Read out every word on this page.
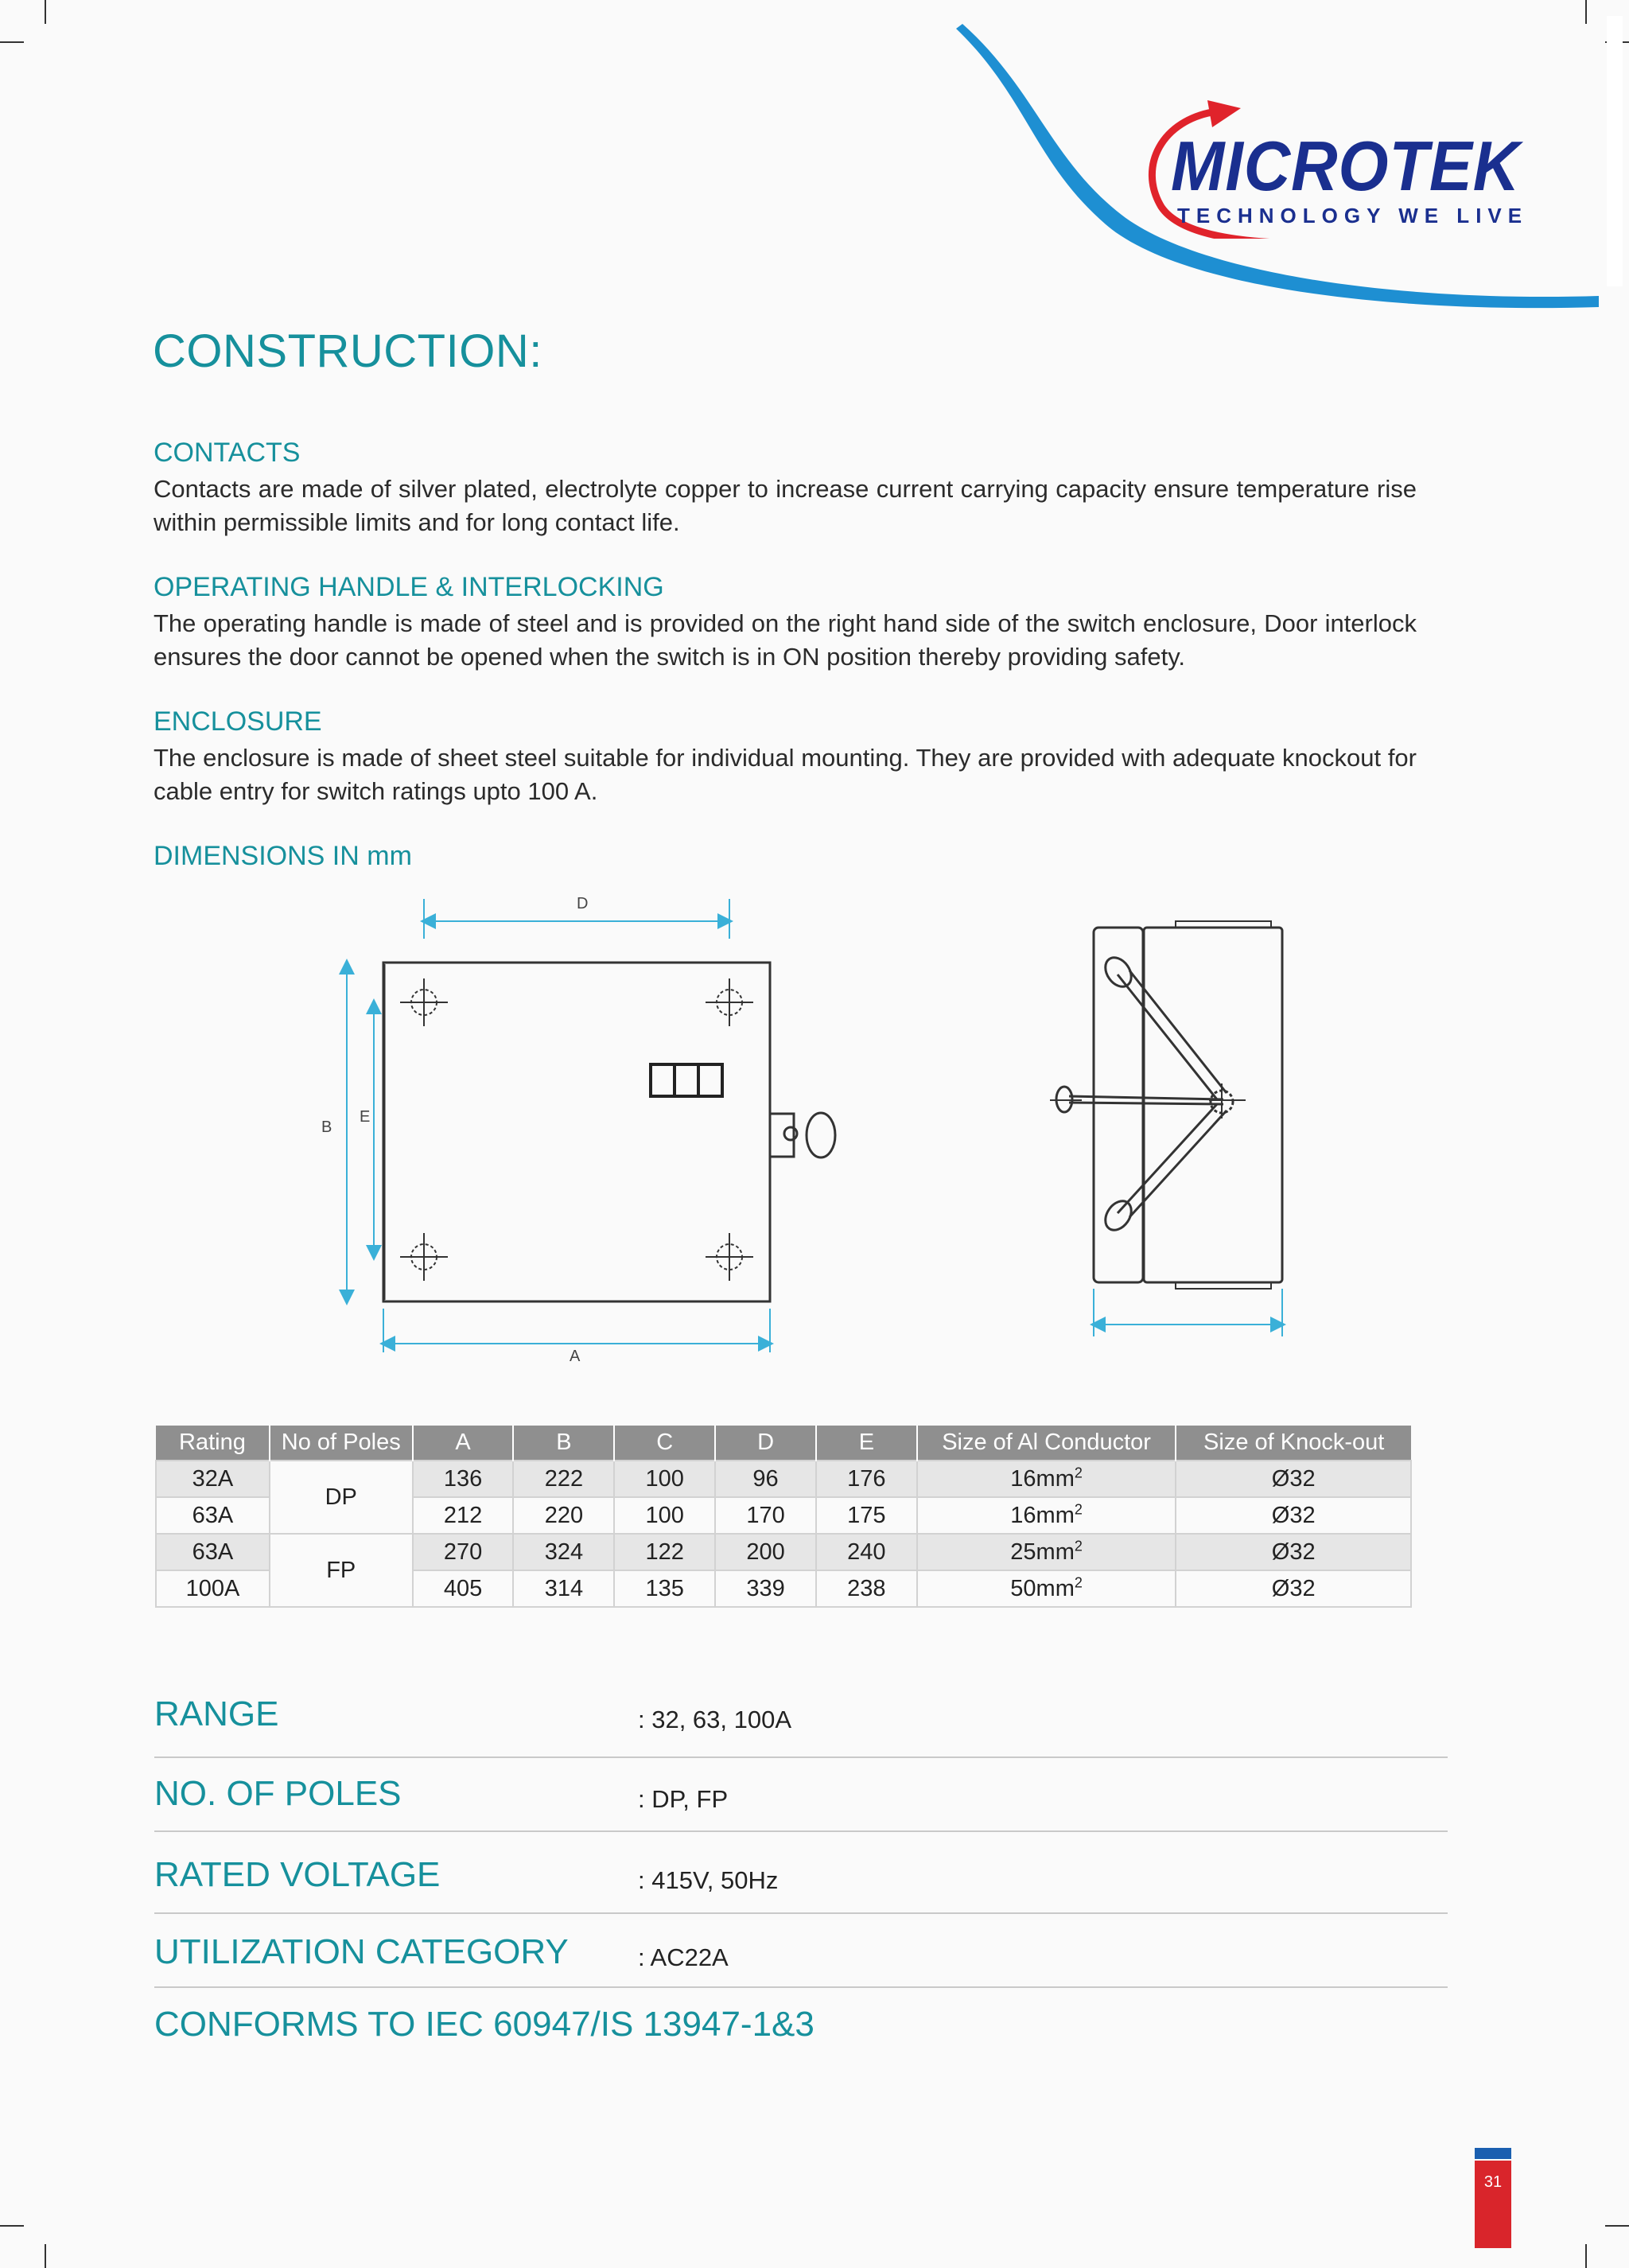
MICROTEK
TECHNOLOGY WE LIVE
CONSTRUCTION:
CONTACTS
Contacts are made of silver plated, electrolyte copper to increase current carrying capacity ensure temperature rise within permissible limits and for long contact life.
OPERATING HANDLE & INTERLOCKING
The operating handle is made of steel and is provided on the right hand side of the switch enclosure, Door interlock ensures the door cannot be opened when the switch is in ON position thereby providing safety.
ENCLOSURE
The enclosure is made of sheet steel suitable for individual mounting. They are provided with adequate knockout for cable entry for switch ratings upto 100 A.
DIMENSIONS IN mm
D
A
B
E
Rating	No of Poles	A	B	C	D	E	Size of Al Conductor	Size of Knock-out
32A	DP	136	222	100	96	176	$16mm^2$	Ø32
63A		212	220	100	170	175	$16mm^2$	Ø32
63A	FP	270	324	122	200	240	$25mm^2$	Ø32
100A		405	314	135	339	238	$50mm^2$	Ø32
RANGE	: 32, 63, 100A
NO. OF POLES	: DP, FP
RATED VOLTAGE	: 415V, 50Hz
UTILIZATION CATEGORY	: AC22A
CONFORMS TO IEC 60947/IS 13947-1&3
31
